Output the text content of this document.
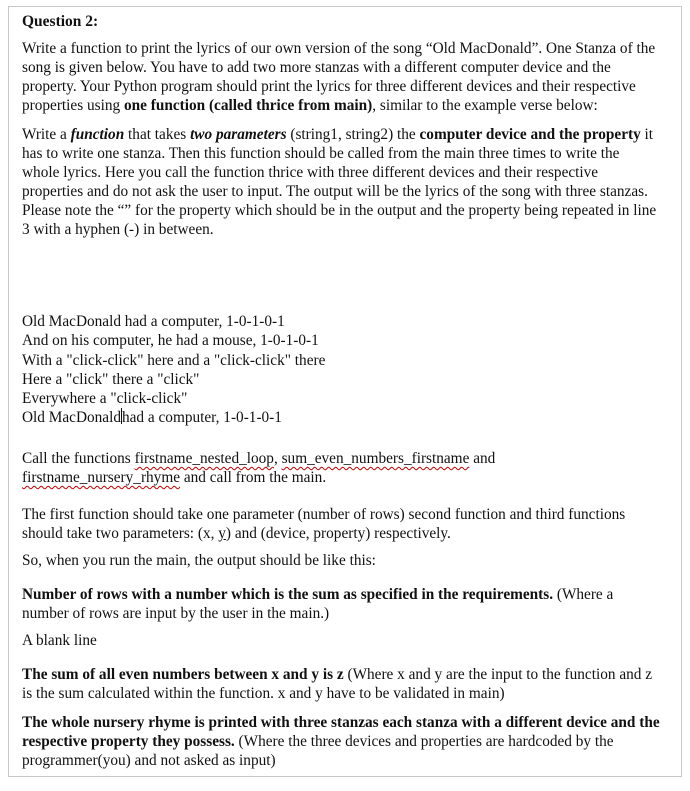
Question 2:

Write a function to print the lyrics of our own version of the song “Old MacDonald”. One Stanza of the song is given below. You have to add two more stanzas with a different computer device and the property. Your Python program should print the lyrics for three different devices and their respective properties using one function (called thrice from main), similar to the example verse below:

Write a function that takes two parameters (string1, string2) the computer device and the property it has to write one stanza. Then this function should be called from the main three times to write the whole lyrics. Here you call the function thrice with three different devices and their respective properties and do not ask the user to input. The output will be the lyrics of the song with three stanzas. Please note the “” for the property which should be in the output and the property being repeated in line 3 with a hyphen (-) in between.

Old MacDonald had a computer, 1-0-1-0-1
And on his computer, he had a mouse, 1-0-1-0-1
With a "click-click" here and a "click-click" there
Here a "click" there a "click"
Everywhere a "click-click"
Old MacDonaldhad a computer, 1-0-1-0-1

Call the functions firstname_nested_loop, sum_even_numbers_firstname and
firstname_nursery_rhyme and call from the main.

The first function should take one parameter (number of rows) second function and third functions should take two parameters: (x, y) and (device, property) respectively.

So, when you run the main, the output should be like this:

Number of rows with a number which is the sum as specified in the requirements. (Where a number of rows are input by the user in the main.)

A blank line

The sum of all even numbers between x and y is z (Where x and y are the input to the function and z is the sum calculated within the function. x and y have to be validated in main)

The whole nursery rhyme is printed with three stanzas each stanza with a different device and the respective property they possess. (Where the three devices and properties are hardcoded by the programmer(you) and not asked as input)
